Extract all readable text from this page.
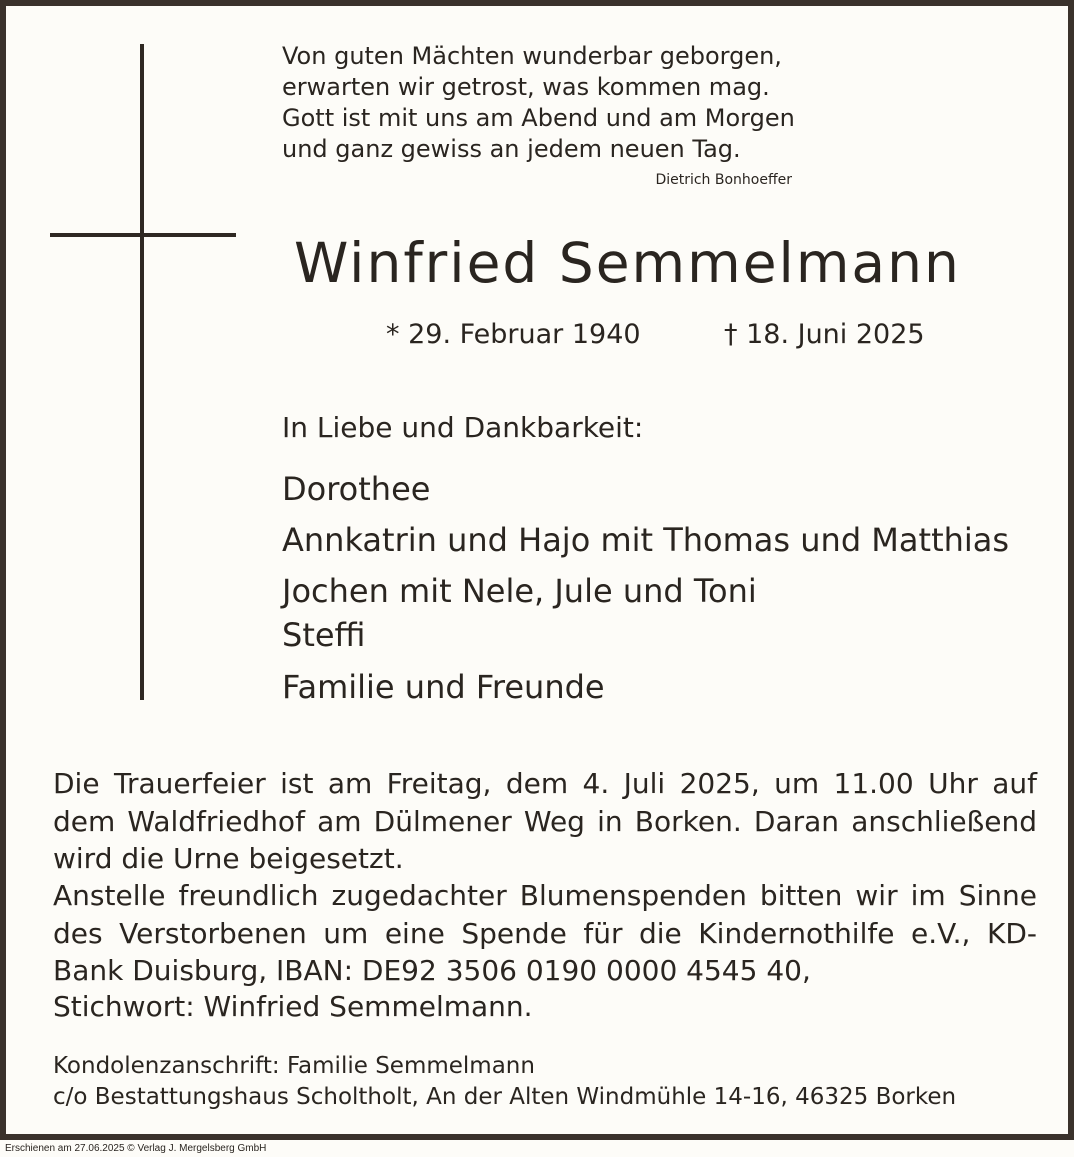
Von guten Mächten wunderbar geborgen,
erwarten wir getrost, was kommen mag.
Gott ist mit uns am Abend und am Morgen
und ganz gewiss an jedem neuen Tag.
Dietrich Bonhoeffer
Winfried Semmelmann
* 29. Februar 1940	† 18. Juni 2025
In Liebe und Dankbarkeit:
Dorothee
Annkatrin und Hajo mit Thomas und Matthias
Jochen mit Nele, Jule und Toni
Steffi
Familie und Freunde
Die Trauerfeier ist am Freitag, dem 4. Juli 2025, um 11.00 Uhr auf dem Waldfriedhof am Dülmener Weg in Borken. Daran anschließend wird die Urne beigesetzt.
Anstelle freundlich zugedachter Blumenspenden bitten wir im Sinne des Verstorbenen um eine Spende für die Kindernothilfe e.V., KD-Bank Duisburg, IBAN: DE92 3506 0190 0000 4545 40,
Stichwort: Winfried Semmelmann.
Kondolenzanschrift: Familie Semmelmann
c/o Bestattungshaus Scholtholt, An der Alten Windmühle 14-16, 46325 Borken
Erschienen am 27.06.2025 © Verlag J. Mergelsberg GmbH
